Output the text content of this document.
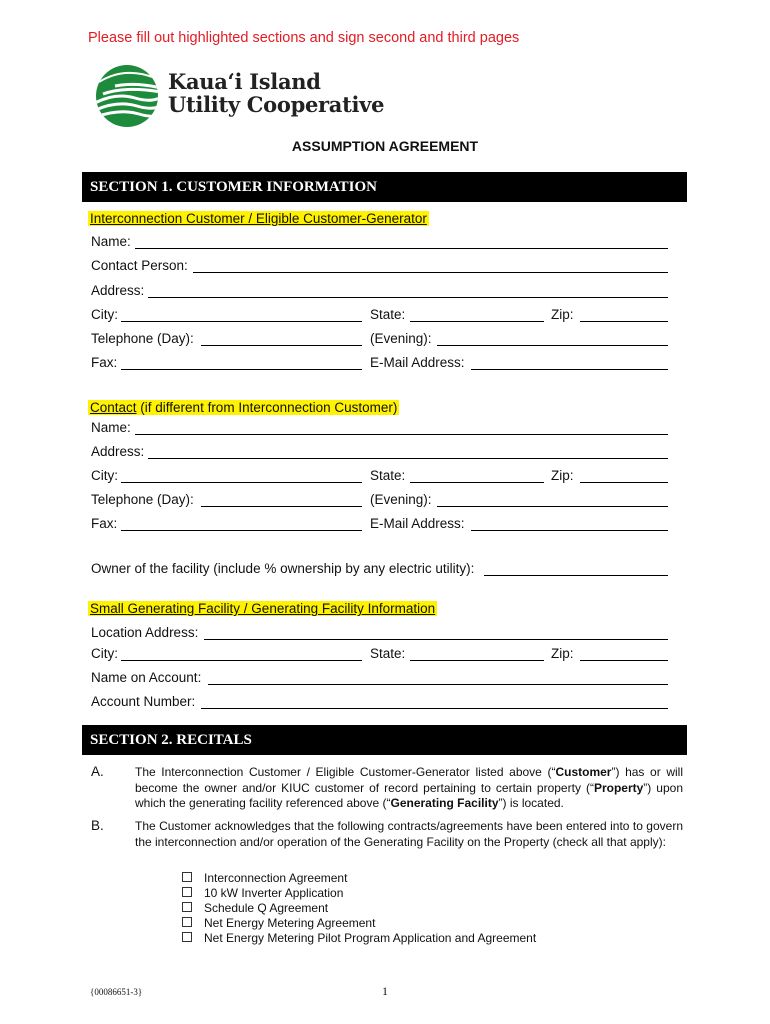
Please fill out highlighted sections and sign second and third pages
Kaua‘i Island
Utility Cooperative
ASSUMPTION AGREEMENT
SECTION 1. CUSTOMER INFORMATION
Interconnection Customer / Eligible Customer-Generator
Name:
Contact Person:
Address:
City:	State:	Zip:
Telephone (Day):	(Evening):
Fax:	E-Mail Address:
Contact (if different from Interconnection Customer)
Name:
Address:
City:	State:	Zip:
Telephone (Day):	(Evening):
Fax:	E-Mail Address:
Owner of the facility (include % ownership by any electric utility):
Small Generating Facility / Generating Facility Information
Location Address:
City:	State:	Zip:
Name on Account:
Account Number:
SECTION 2. RECITALS
A.	The Interconnection Customer / Eligible Customer-Generator listed above (“Customer”) has or will become the owner and/or KIUC customer of record pertaining to certain property (“Property”) upon which the generating facility referenced above (“Generating Facility”) is located.
B.	The Customer acknowledges that the following contracts/agreements have been entered into to govern the interconnection and/or operation of the Generating Facility on the Property (check all that apply):
Interconnection Agreement
10 kW Inverter Application
Schedule Q Agreement
Net Energy Metering Agreement
Net Energy Metering Pilot Program Application and Agreement
{00086651-3}	1
